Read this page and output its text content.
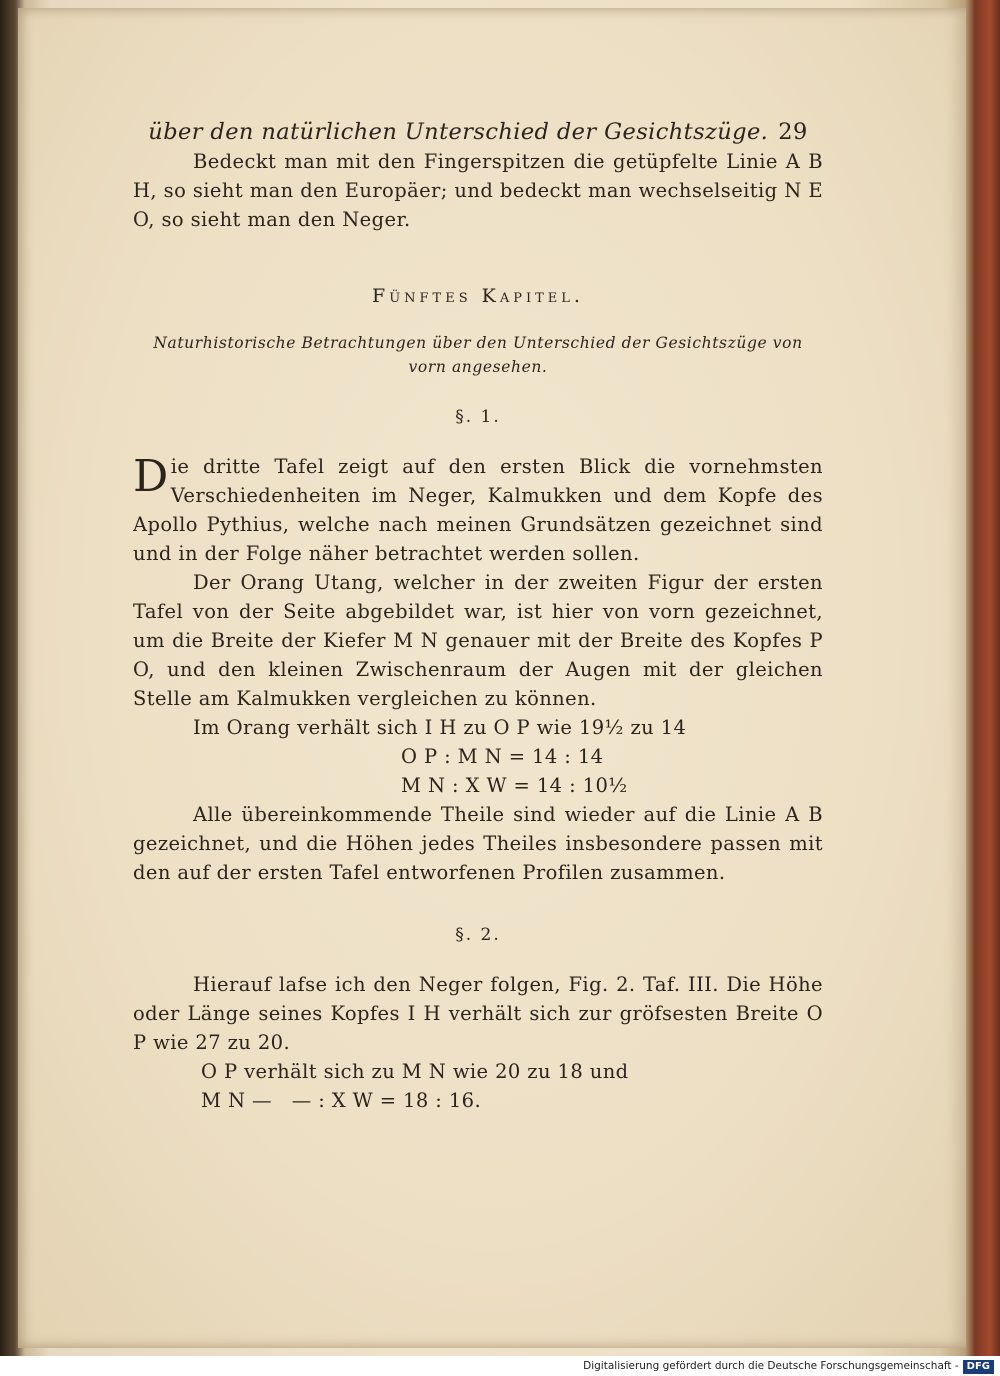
über den natürlichen Unterschied der Gesichtszüge. 29

Bedeckt man mit den Fingerspitzen die getüpfelte Linie A B H, so sieht man den Europäer; und bedeckt man wechselseitig N E O, so sieht man den Neger.

Fünftes Kapitel.
Naturhistorische Betrachtungen über den Unterschied der Gesichtszüge von vorn angesehen.
§. 1.

Die dritte Tafel zeigt auf den ersten Blick die vornehmsten Verschiedenheiten im Neger, Kalmukken und dem Kopfe des Apollo Pythius, welche nach meinen Grundsätzen gezeichnet sind und in der Folge näher betrachtet werden sollen.

Der Orang Utang, welcher in der zweiten Figur der ersten Tafel von der Seite abgebildet war, ist hier von vorn gezeichnet, um die Breite der Kiefer M N genauer mit der Breite des Kopfes P O, und den kleinen Zwischenraum der Augen mit der gleichen Stelle am Kalmukken vergleichen zu können.

Im Orang verhält sich I H zu O P wie 19½ zu 14

O P : M N = 14 : 14

M N : X W = 14 : 10½

Alle übereinkommende Theile sind wieder auf die Linie A B gezeichnet, und die Höhen jedes Theiles insbesondere passen mit den auf der ersten Tafel entworfenen Profilen zusammen.

§. 2.

Hierauf lafse ich den Neger folgen, Fig. 2. Taf. III. Die Höhe oder Länge seines Kopfes I H verhält sich zur gröfsesten Breite O P wie 27 zu 20.

O P verhält sich zu M N wie 20 zu 18 und

M N —   — : X W = 18 : 16.

Digitalisierung gefördert durch die Deutsche Forschungsgemeinschaft - DFG
